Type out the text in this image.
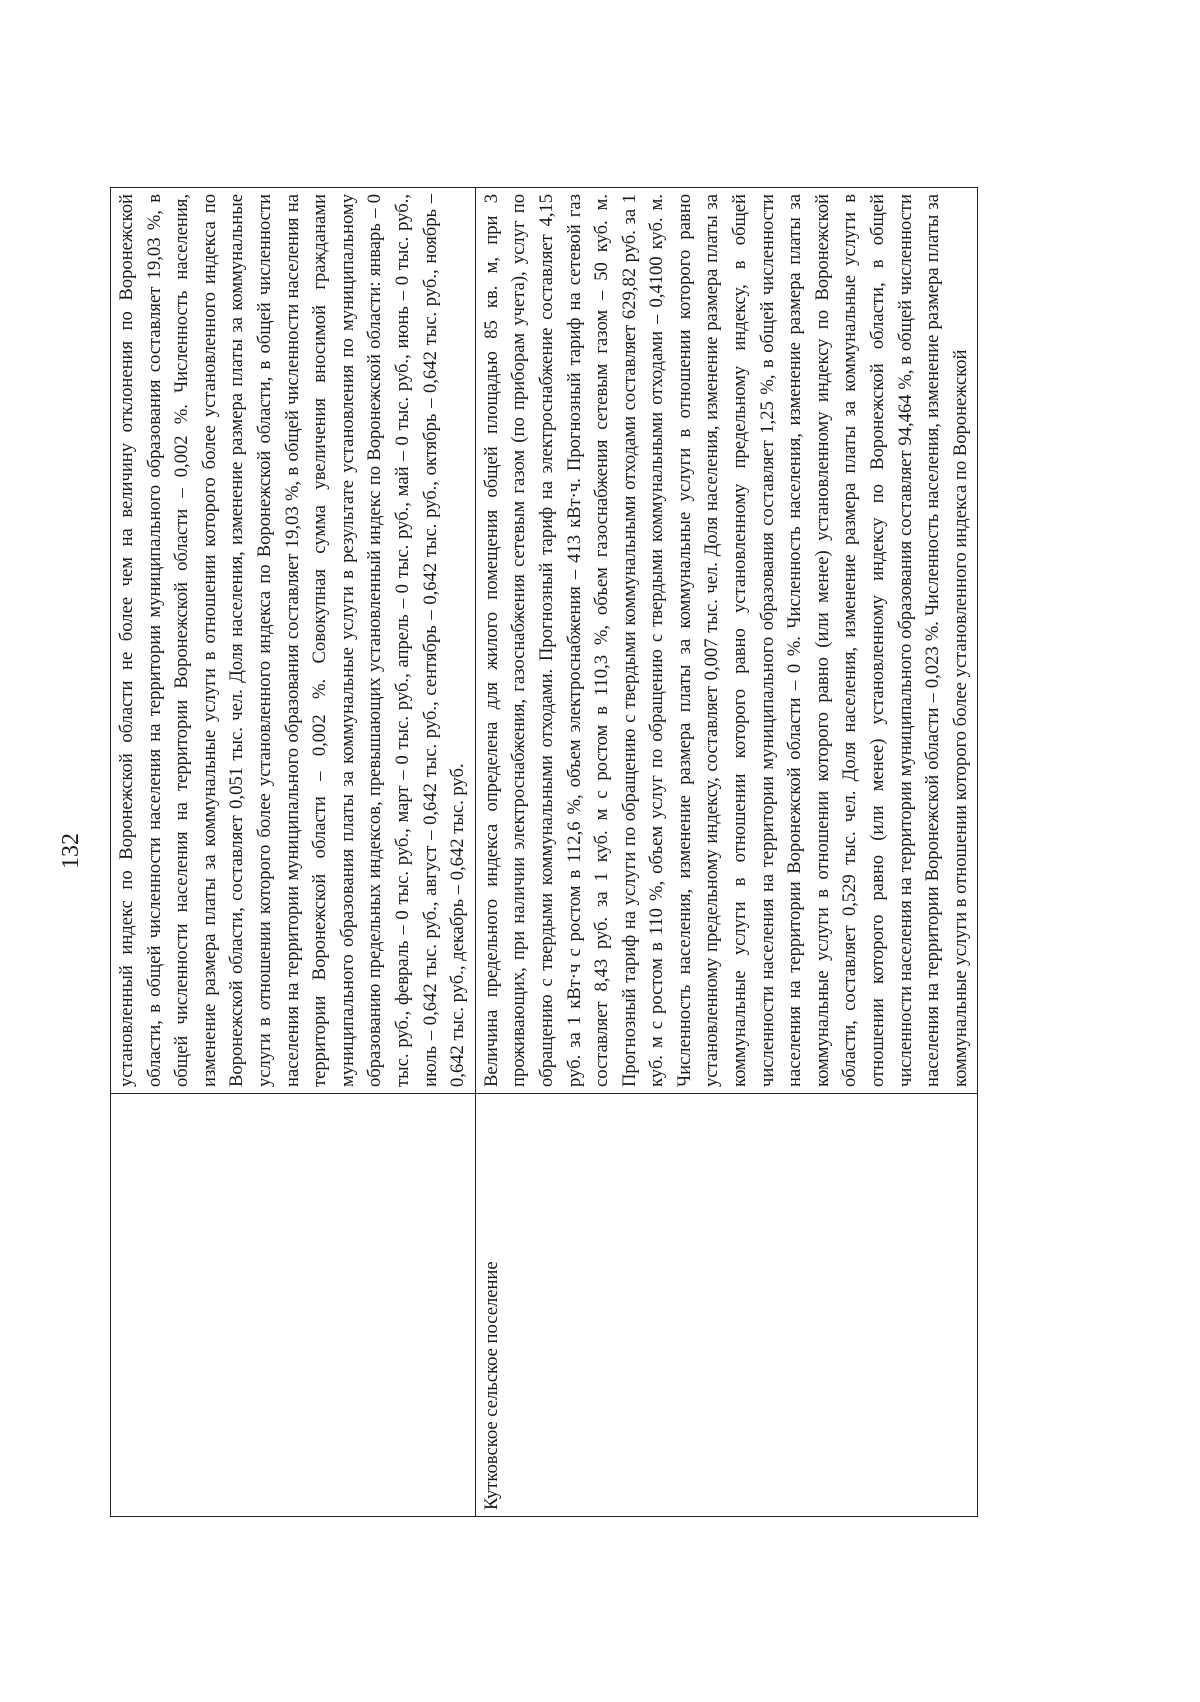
132
	установленный индекс по Воронежской области не более чем на величину отклонения по Воронежской области, в общей численности населения на территории муниципального образования составляет 19,03 %, в общей численности населения на территории Воронежской области – 0,002 %. Численность населения, изменение размера платы за коммунальные услуги в отношении которого более установленного индекса по Воронежской области, составляет 0,051 тыс. чел. Доля населения, изменение размера платы за коммунальные услуги в отношении которого более установленного индекса по Воронежской области, в общей численности населения на территории муниципального образования составляет 19,03 %, в общей численности населения на территории Воронежской области – 0,002 %. Совокупная сумма увеличения вносимой гражданами муниципального образования платы за коммунальные услуги в результате установления по муниципальному образованию предельных индексов, превышающих установленный индекс по Воронежской области: январь – 0 тыс. руб., февраль – 0 тыс. руб., март – 0 тыс. руб., апрель – 0 тыс. руб., май – 0 тыс. руб., июнь – 0 тыс. руб., июль – 0,642 тыс. руб., август – 0,642 тыс. руб., сентябрь – 0,642 тыс. руб., октябрь – 0,642 тыс. руб., ноябрь – 0,642 тыс. руб., декабрь – 0,642 тыс. руб.
Кутковское сельское поселение	Величина предельного индекса определена для жилого помещения общей площадью 85 кв. м, при 3 проживающих, при наличии электроснабжения, газоснабжения сетевым газом (по приборам учета), услуг по обращению с твердыми коммунальными отходами. Прогнозный тариф на электроснабжение составляет 4,15 руб. за 1 кВт·ч с ростом в 112,6 %, объем электроснабжения – 413 кВт·ч. Прогнозный тариф на сетевой газ составляет 8,43 руб. за 1 куб. м с ростом в 110,3 %, объем газоснабжения сетевым газом – 50 куб. м. Прогнозный тариф на услуги по обращению с твердыми коммунальными отходами составляет 629,82 руб. за 1 куб. м с ростом в 110 %, объем услуг по обращению с твердыми коммунальными отходами – 0,4100 куб. м. Численность населения, изменение размера платы за коммунальные услуги в отношении которого равно установленному предельному индексу, составляет 0,007 тыс. чел. Доля населения, изменение размера платы за коммунальные услуги в отношении которого равно установленному предельному индексу, в общей численности населения на территории муниципального образования составляет 1,25 %, в общей численности населения на территории Воронежской области – 0 %. Численность населения, изменение размера платы за коммунальные услуги в отношении которого равно (или менее) установленному индексу по Воронежской области, составляет 0,529 тыс. чел. Доля населения, изменение размера платы за коммунальные услуги в отношении которого равно (или менее) установленному индексу по Воронежской области, в общей численности населения на территории муниципального образования составляет 94,464 %, в общей численности населения на территории Воронежской области – 0,023 %. Численность населения, изменение размера платы за коммунальные услуги в отношении которого более установленного индекса по Воронежской
